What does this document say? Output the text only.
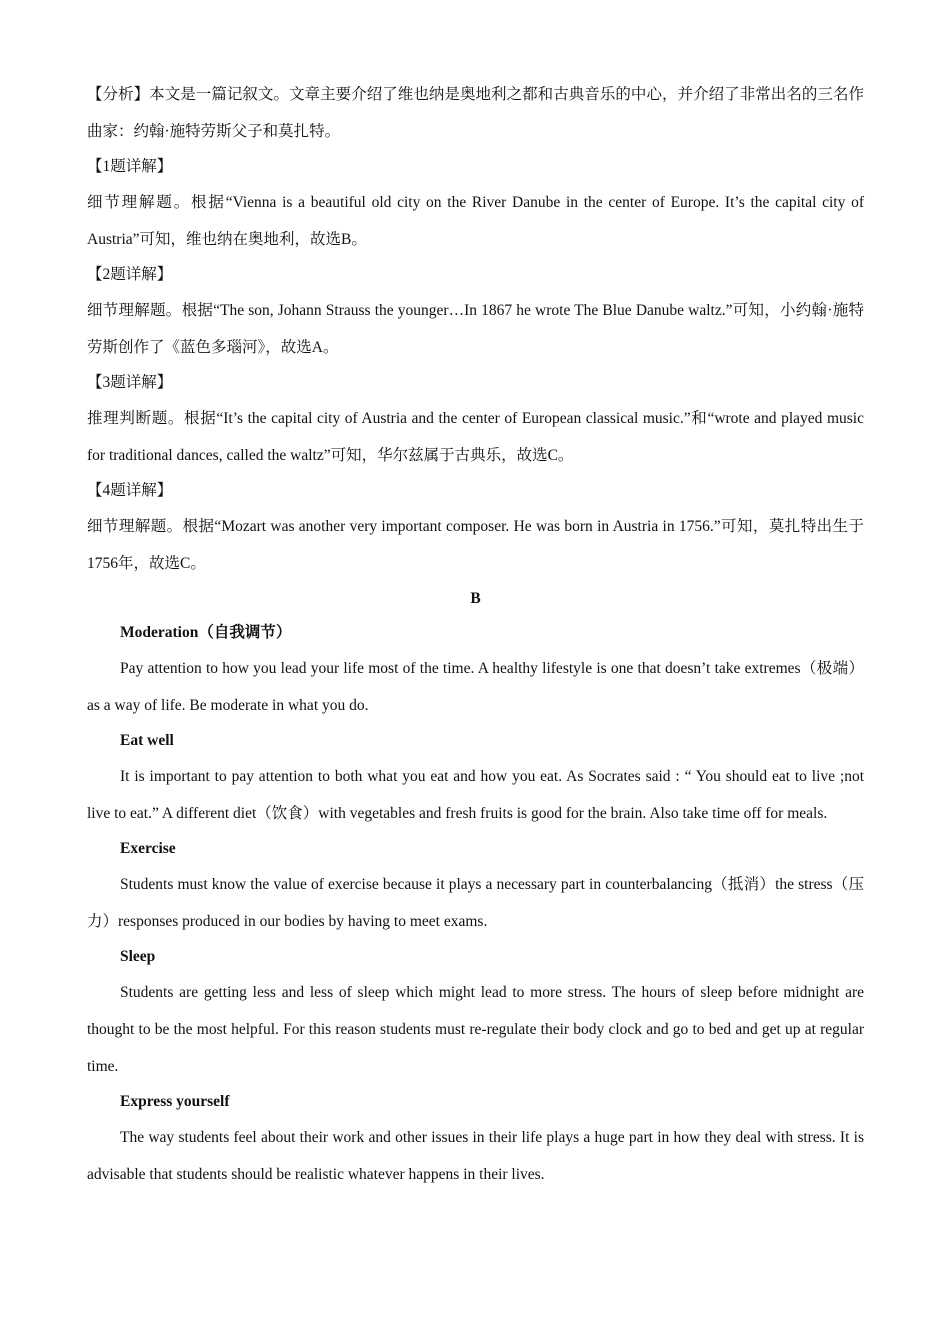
【分析】本文是一篇记叙文。文章主要介绍了维也纳是奥地利之都和古典音乐的中心，并介绍了非常出名的三名作曲家：约翰·施特劳斯父子和莫扎特。

【1题详解】

细节理解题。根据“Vienna is a beautiful old city on the River Danube in the center of Europe. It’s the capital city of Austria”可知，维也纳在奥地利，故选B。

【2题详解】

细节理解题。根据“The son, Johann Strauss the younger…In 1867 he wrote The Blue Danube waltz.”可知，小约翰·施特劳斯创作了《蓝色多瑙河》，故选A。

【3题详解】

推理判断题。根据“It’s the capital city of Austria and the center of European classical music.”和“wrote and played music for traditional dances, called the waltz”可知，华尔兹属于古典乐，故选C。

【4题详解】

细节理解题。根据“Mozart was another very important composer. He was born in Austria in 1756.”可知，莫扎特出生于1756年，故选C。

B
Moderation（自我调节）

Pay attention to how you lead your life most of the time. A healthy lifestyle is one that doesn’t take extremes（极端）as a way of life. Be moderate in what you do.

Eat well

It is important to pay attention to both what you eat and how you eat. As Socrates said : “ You should eat to live ;not live to eat.” A different diet（饮食）with vegetables and fresh fruits is good for the brain. Also take time off for meals.

Exercise

Students must know the value of exercise because it plays a necessary part in counterbalancing（抵消）the stress（压力）responses produced in our bodies by having to meet exams.

Sleep

Students are getting less and less of sleep which might lead to more stress. The hours of sleep before midnight are thought to be the most helpful. For this reason students must re-regulate their body clock and go to bed and get up at regular time.

Express yourself

The way students feel about their work and other issues in their life plays a huge part in how they deal with stress. It is advisable that students should be realistic whatever happens in their lives.
